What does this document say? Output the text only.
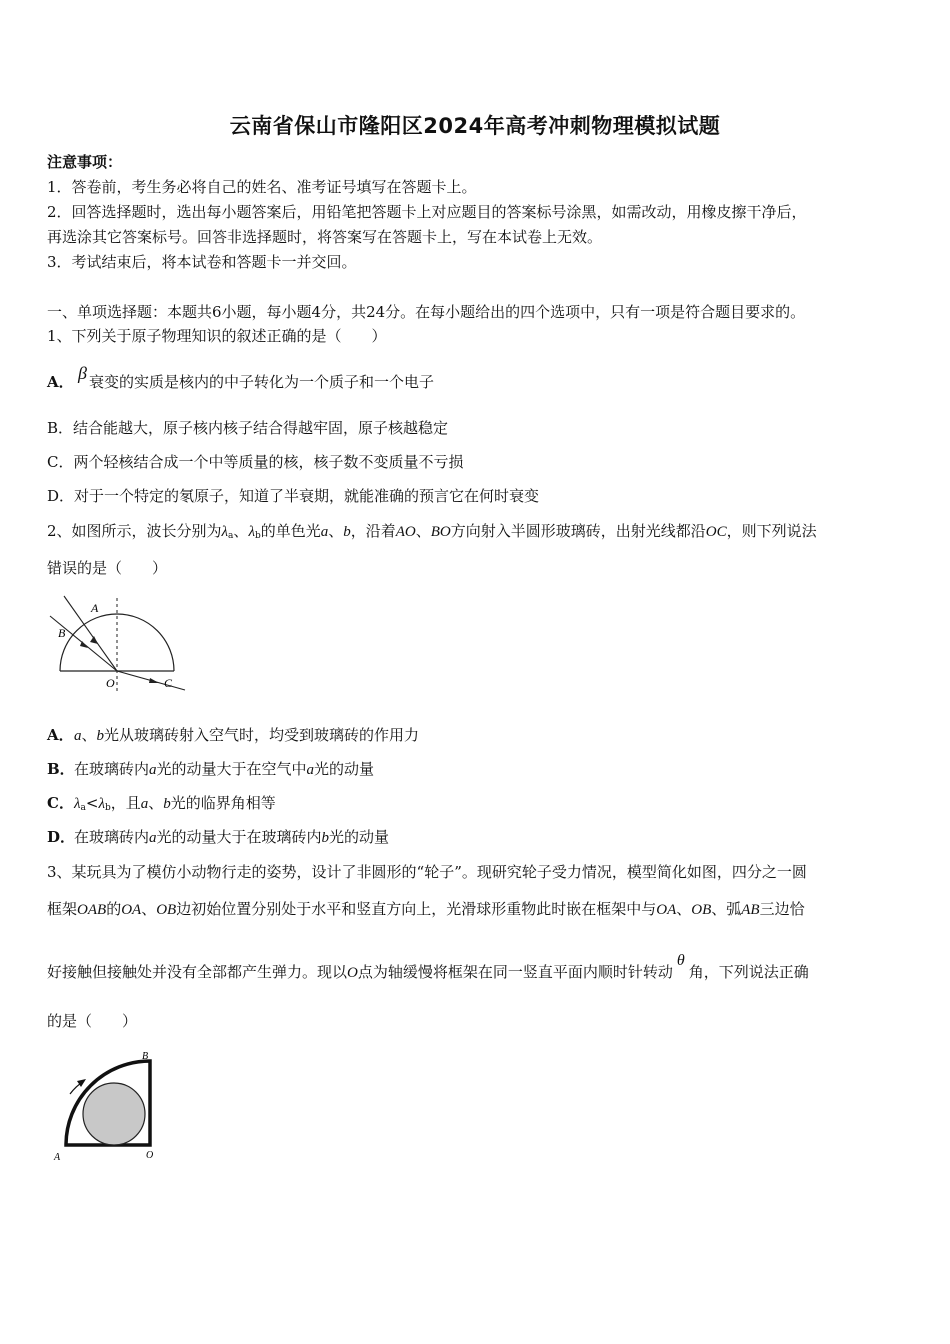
云南省保山市隆阳区2024年高考冲刺物理模拟试题
注意事项：
1．答卷前，考生务必将自己的姓名、准考证号填写在答题卡上。
2．回答选择题时，选出每小题答案后，用铅笔把答题卡上对应题目的答案标号涂黑，如需改动，用橡皮擦干净后，
再选涂其它答案标号。回答非选择题时，将答案写在答题卡上，写在本试卷上无效。
3．考试结束后，将本试卷和答题卡一并交回。
一、单项选择题：本题共6小题，每小题4分，共24分。在每小题给出的四个选项中，只有一项是符合题目要求的。
1、下列关于原子物理知识的叙述正确的是（　　）
A． β 衰变的实质是核内的中子转化为一个质子和一个电子
B．结合能越大，原子核内核子结合得越牢固，原子核越稳定
C．两个轻核结合成一个中等质量的核，核子数不变质量不亏损
D．对于一个特定的氡原子，知道了半衰期，就能准确的预言它在何时衰变
2、如图所示，波长分别为$\lambda_a$、$\lambda_b$的单色光a、b，沿着AO、BO方向射入半圆形玻璃砖，出射光线都沿OC，则下列说法
错误的是（　　）
A
B
O	C
A．a、b光从玻璃砖射入空气时，均受到玻璃砖的作用力
B．在玻璃砖内a光的动量大于在空气中a光的动量
C．$\lambda_a<\lambda_b$，且a、b光的临界角相等
D．在玻璃砖内a光的动量大于在玻璃砖内b光的动量
3、某玩具为了模仿小动物行走的姿势，设计了非圆形的“轮子”。现研究轮子受力情况，模型简化如图，四分之一圆
框架OAB的OA、OB边初始位置分别处于水平和竖直方向上，光滑球形重物此时嵌在框架中与OA、OB、弧AB三边恰
好接触但接触处并没有全部都产生弹力。现以O点为轴缓慢将框架在同一竖直平面内顺时针转动θ角，下列说法正确
的是（　　）
B
A	O
